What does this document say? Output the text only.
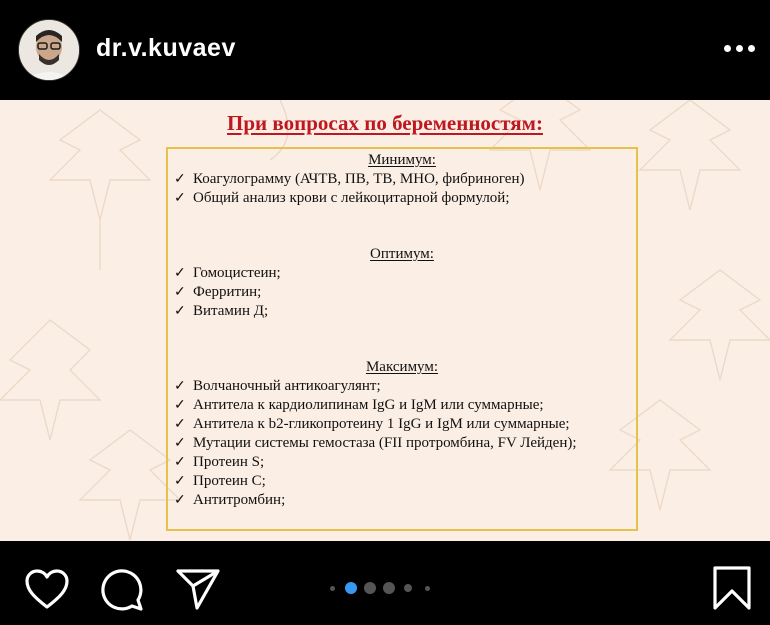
dr.v.kuvaev
При вопросах по беременностям:
Минимум:
✓ Коагулограмму (АЧТВ, ПВ, ТВ, МНО, фибриноген)
✓ Общий анализ крови с лейкоцитарной формулой;
Оптимум:
✓ Гомоцистеин;
✓ Ферритин;
✓ Витамин Д;
Максимум:
✓ Волчаночный антикоагулянт;
✓ Антитела к кардиолипинам IgG и IgM или суммарные;
✓ Антитела к b2-гликопротеину 1 IgG и IgM или суммарные;
✓ Мутации системы гемостаза (FII протромбина, FV Лейден);
✓ Протеин S;
✓ Протеин С;
✓ Антитромбин;
